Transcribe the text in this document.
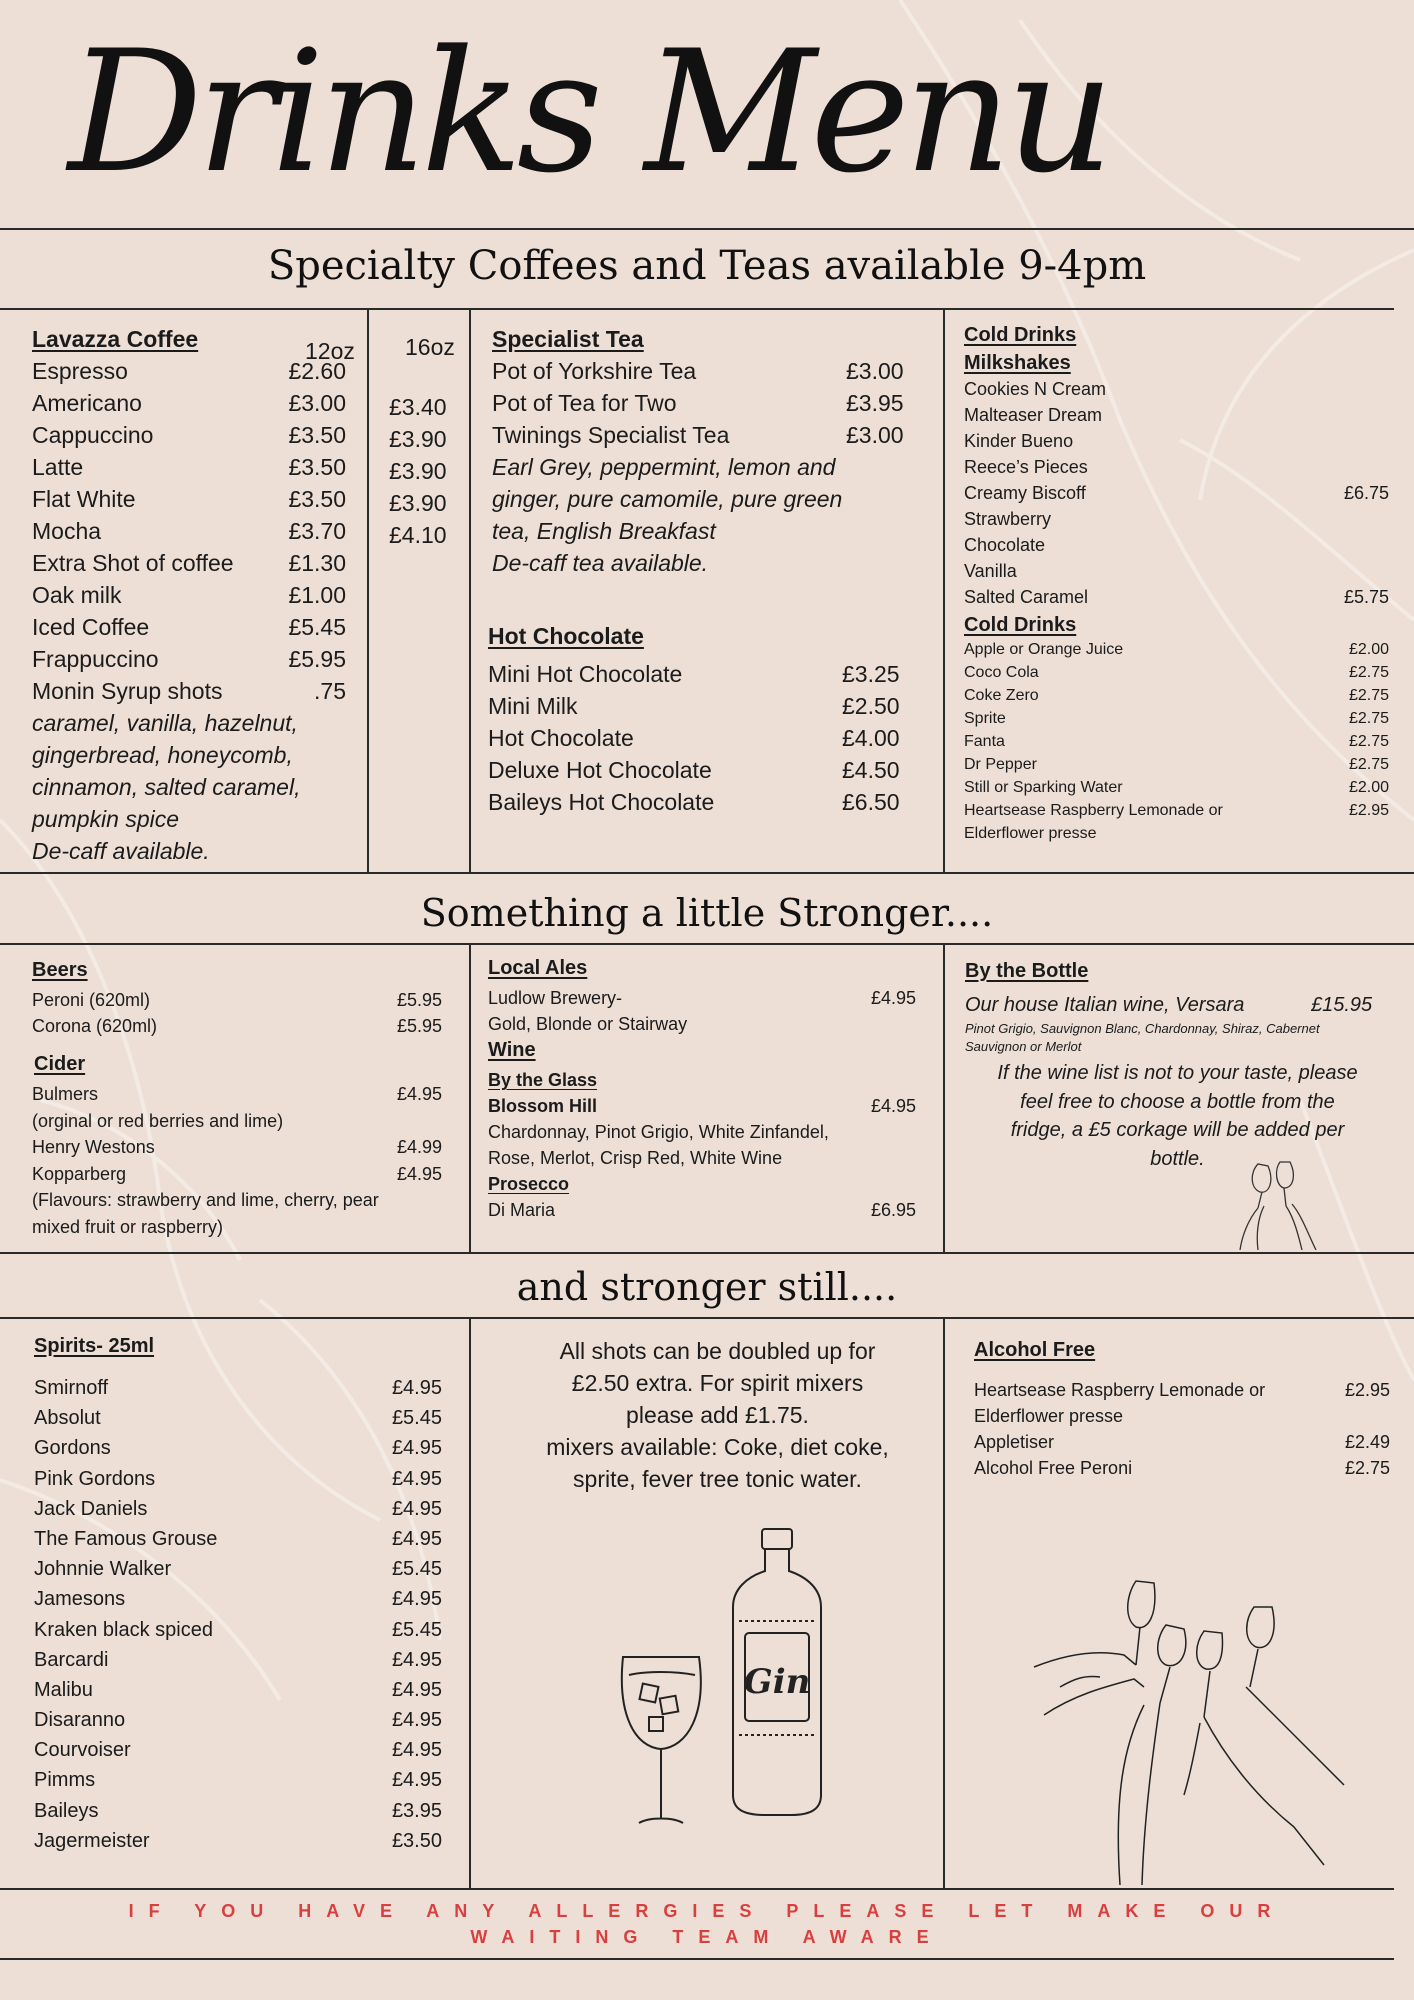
Drinks Menu
Specialty Coffees and Teas available 9-4pm
Something a little Stronger....
and stronger still....
Lavazza Coffee	12oz 16oz
Espresso	£2.60
Americano	£3.00 £3.40
Cappuccino	£3.50 £3.90
Latte	£3.50 £3.90
Flat White	£3.50 £3.90
Mocha	£3.70 £4.10
Extra Shot of coffee £1.30
Oak milk	£1.00
Iced Coffee	£5.45
Frappuccino	£5.95
Monin Syrup shots	.75
caramel, vanilla, hazelnut,
gingerbread, honeycomb,
cinnamon, salted caramel,
pumpkin spice
De-caff available.
Specialist Tea
Pot of Yorkshire Tea	£3.00
Pot of Tea for Two	£3.95
Twinings Specialist Tea	£3.00
Earl Grey, peppermint, lemon and
ginger, pure camomile, pure green
tea, English Breakfast
De-caff tea available.
Hot Chocolate
Mini Hot Chocolate	£3.25
Mini Milk	£2.50
Hot Chocolate	£4.00
Deluxe Hot Chocolate	£4.50
Baileys Hot Chocolate	£6.50
Cold Drinks
Milkshakes
Cookies N Cream
Malteaser Dream
Kinder Bueno
Reece’s Pieces
Creamy Biscoff	£6.75
Strawberry
Chocolate
Vanilla
Salted Caramel	£5.75
Cold Drinks
Apple or Orange Juice	£2.00
Coco Cola	£2.75
Coke Zero	£2.75
Sprite	£2.75
Fanta	£2.75
Dr Pepper	£2.75
Still or Sparking Water	£2.00
Heartsease Raspberry Lemonade or	£2.95
Elderflower presse
Beers
Peroni (620ml)	£5.95
Corona (620ml)	£5.95
Cider
Bulmers	£4.95
(orginal or red berries and lime)
Henry Westons	£4.99
Kopparberg	£4.95
(Flavours: strawberry and lime, cherry, pear
mixed fruit or raspberry)
Local Ales
Ludlow Brewery-	£4.95
Gold, Blonde or Stairway
Wine
By the Glass
Blossom Hill	£4.95
Chardonnay, Pinot Grigio, White Zinfandel,
Rose, Merlot, Crisp Red, White Wine
Prosecco
Di Maria	£6.95
By the Bottle
Our house Italian wine, Versara	£15.95
Pinot Grigio, Sauvignon Blanc, Chardonnay, Shiraz, Cabernet
Sauvignon or Merlot
If the wine list is not to your taste, please
feel free to choose a bottle from the
fridge, a £5 corkage will be added per
bottle.
Spirits- 25ml
Smirnoff	£4.95
Absolut	£5.45
Gordons	£4.95
Pink Gordons	£4.95
Jack Daniels	£4.95
The Famous Grouse	£4.95
Johnnie Walker	£5.45
Jamesons	£4.95
Kraken black spiced	£5.45
Barcardi	£4.95
Malibu	£4.95
Disaranno	£4.95
Courvoiser	£4.95
Pimms	£4.95
Baileys	£3.95
Jagermeister	£3.50
All shots can be doubled up for
£2.50 extra. For spirit mixers
please add £1.75.
mixers available: Coke, diet coke,
sprite, fever tree tonic water.
Gin
Alcohol Free
Heartsease Raspberry Lemonade or	£2.95
Elderflower presse
Appletiser	£2.49
Alcohol Free Peroni	£2.75
IF YOU HAVE ANY ALLERGIES PLEASE LET MAKE OUR
WAITING TEAM AWARE
